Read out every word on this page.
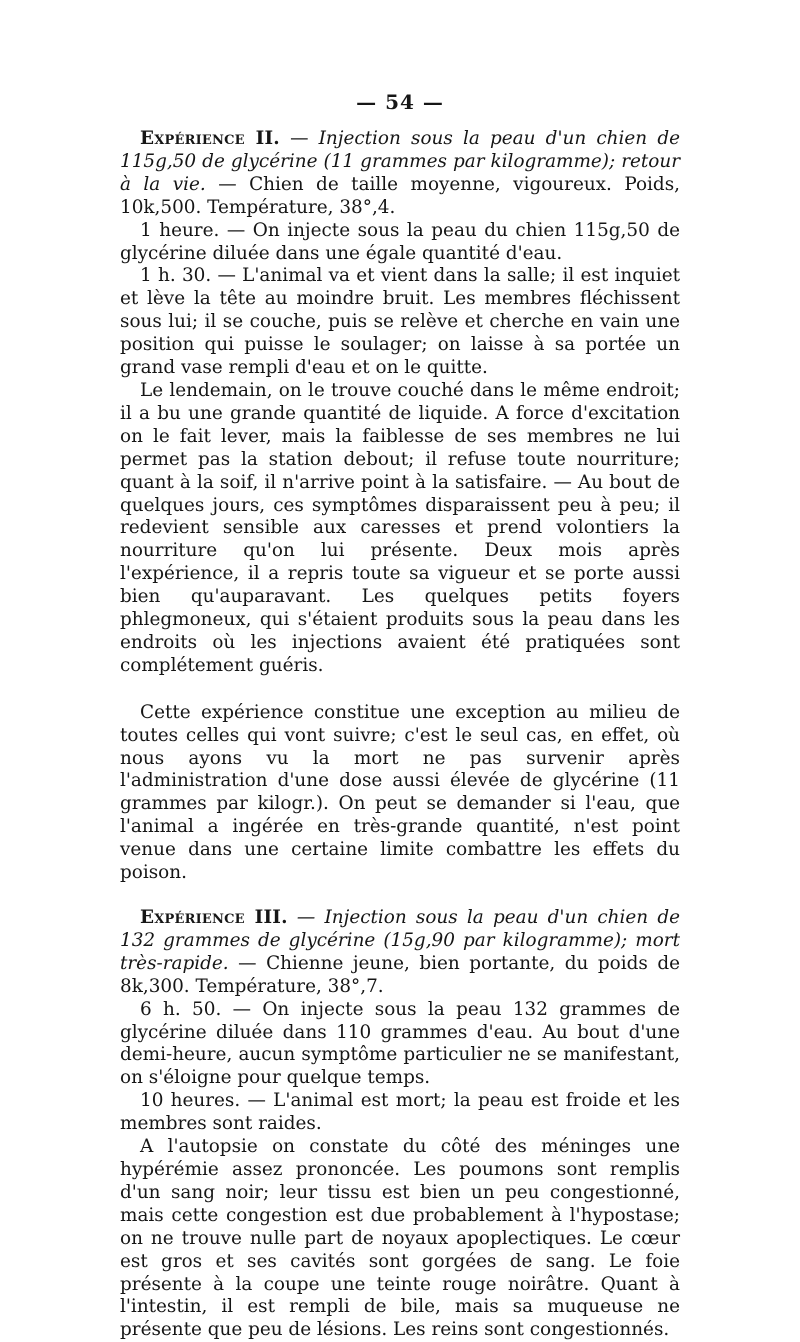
— 54 —

Expérience II. — Injection sous la peau d'un chien de 115g,50 de glycérine (11 grammes par kilogramme); retour à la vie. — Chien de taille moyenne, vigoureux. Poids, 10k,500. Température, 38°,4.

1 heure. — On injecte sous la peau du chien 115g,50 de glycérine diluée dans une égale quantité d'eau.

1 h. 30. — L'animal va et vient dans la salle; il est inquiet et lève la tête au moindre bruit. Les membres fléchissent sous lui; il se couche, puis se relève et cherche en vain une position qui puisse le soulager; on laisse à sa portée un grand vase rempli d'eau et on le quitte.

Le lendemain, on le trouve couché dans le même endroit; il a bu une grande quantité de liquide. A force d'excitation on le fait lever, mais la faiblesse de ses membres ne lui permet pas la station debout; il refuse toute nourriture; quant à la soif, il n'arrive point à la satisfaire. — Au bout de quelques jours, ces symptômes disparaissent peu à peu; il redevient sensible aux caresses et prend volontiers la nourriture qu'on lui présente. Deux mois après l'expérience, il a repris toute sa vigueur et se porte aussi bien qu'auparavant. Les quelques petits foyers phlegmoneux, qui s'étaient produits sous la peau dans les endroits où les injections avaient été pratiquées sont complétement guéris.

Cette expérience constitue une exception au milieu de toutes celles qui vont suivre; c'est le seul cas, en effet, où nous ayons vu la mort ne pas survenir après l'administration d'une dose aussi élevée de glycérine (11 grammes par kilogr.). On peut se demander si l'eau, que l'animal a ingérée en très-grande quantité, n'est point venue dans une certaine limite combattre les effets du poison.

Expérience III. — Injection sous la peau d'un chien de 132 grammes de glycérine (15g,90 par kilogramme); mort très-rapide. — Chienne jeune, bien portante, du poids de 8k,300. Température, 38°,7.

6 h. 50. — On injecte sous la peau 132 grammes de glycérine diluée dans 110 grammes d'eau. Au bout d'une demi-heure, aucun symptôme particulier ne se manifestant, on s'éloigne pour quelque temps.

10 heures. — L'animal est mort; la peau est froide et les membres sont raides.

A l'autopsie on constate du côté des méninges une hypérémie assez prononcée. Les poumons sont remplis d'un sang noir; leur tissu est bien un peu congestionné, mais cette congestion est due probablement à l'hypostase; on ne trouve nulle part de noyaux apoplectiques. Le cœur est gros et ses cavités sont gorgées de sang. Le foie présente à la coupe une teinte rouge noirâtre. Quant à l'intestin, il est rempli de bile, mais sa muqueuse ne présente que peu de lésions. Les reins sont congestionnés.
